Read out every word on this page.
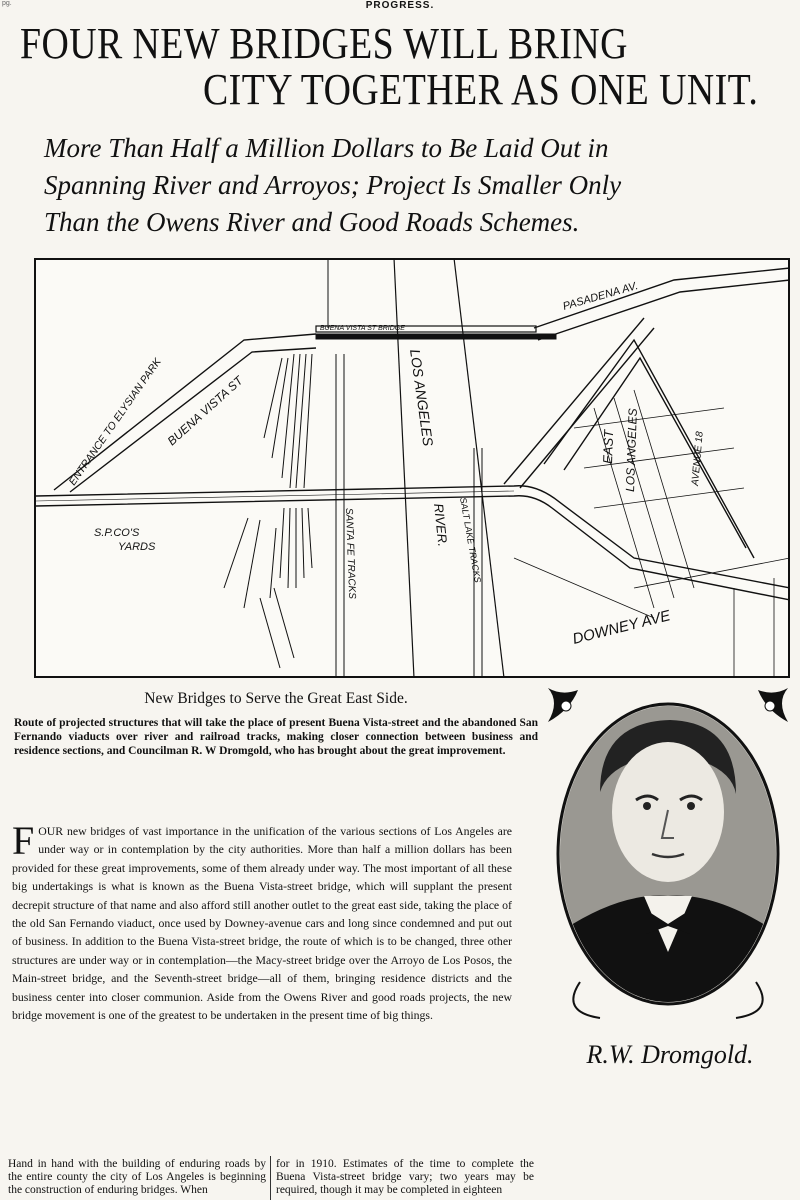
pg.	PROGRESS.
FOUR NEW BRIDGES WILL BRING
CITY TOGETHER AS ONE UNIT.
More Than Half a Million Dollars to Be Laid Out in
Spanning River and Arroyos; Project Is Smaller Only
Than the Owens River and Good Roads Schemes.
PASADENA AV.
BUENA VISTA ST BRIDGE
ENTRANCE TO ELYSIAN PARK BUENA VISTA ST	LOS ANGELES	EAST LOS ANGELES	AVENUE 18
S.P.CO'S
YARDS	SANTA FE TRACKS	RIVER. SALT LAKE TRACKS
DOWNEY AVE
New Bridges to Serve the Great East Side.
Route of projected structures that will take the place of present Buena Vista-street and the abandoned San Fernando viaducts over river and railroad tracks, making closer connection between business and residence sections, and Councilman R. W Dromgold, who has brought about the great improvement.
FOUR new bridges of vast importance in the unification of the various sections of Los Angeles are under way or in contemplation by the city authorities. More than half a million dollars has been provided for these great improvements, some of them already under way. The most important of all these big undertakings is what is known as the Buena Vista-street bridge, which will supplant the present decrepit structure of that name and also afford still another outlet to the great east side, taking the place of the old San Fernando viaduct, once used by Downey-avenue cars and long since condemned and put out of business. In addition to the Buena Vista-street bridge, the route of which is to be changed, three other structures are under way or in contemplation—the Macy-street bridge over the Arroyo de Los Posos, the Main-street bridge, and the Seventh-street bridge—all of them, bringing residence districts and the business center into closer communion. Aside from the Owens River and good roads projects, the new bridge movement is one of the greatest to be undertaken in the present time of big things.
R.W. Dromgold.
Hand in hand with the building of enduring roads by the entire county the city of Los Angeles is beginning the construction of enduring bridges. When
for in 1910. Estimates of the time to complete the Buena Vista-street bridge vary; two years may be required, though it may be completed in eighteen
